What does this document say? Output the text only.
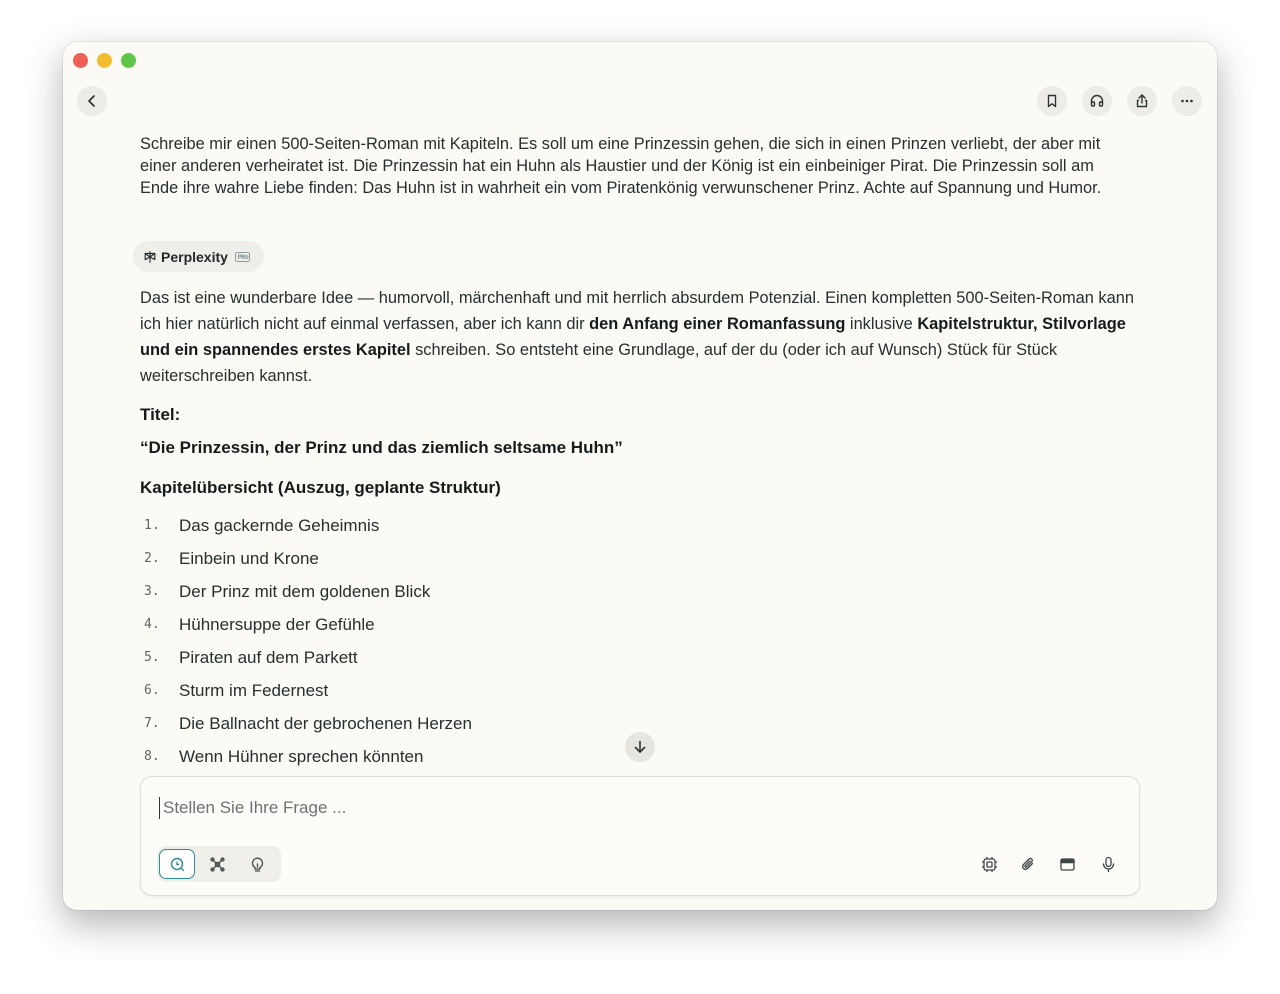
Schreibe mir einen 500-Seiten-Roman mit Kapiteln. Es soll um eine Prinzessin gehen, die sich in einen Prinzen verliebt, der aber mit einer anderen verheiratet ist. Die Prinzessin hat ein Huhn als Haustier und der König ist ein einbeiniger Pirat. Die Prinzessin soll am Ende ihre wahre Liebe finden: Das Huhn ist in wahrheit ein vom Piratenkönig verwunschener Prinz. Achte auf Spannung und Humor.
Perplexity
Das ist eine wunderbare Idee — humorvoll, märchenhaft und mit herrlich absurdem Potenzial. Einen kompletten 500-Seiten-Roman kann ich hier natürlich nicht auf einmal verfassen, aber ich kann dir den Anfang einer Romanfassung inklusive Kapitelstruktur, Stilvorlage und ein spannendes erstes Kapitel schreiben. So entsteht eine Grundlage, auf der du (oder ich auf Wunsch) Stück für Stück weiterschreiben kannst.
Titel:
“Die Prinzessin, der Prinz und das ziemlich seltsame Huhn”
Kapitelübersicht (Auszug, geplante Struktur)
1.	Das gackernde Geheimnis
2.	Einbein und Krone
3.	Der Prinz mit dem goldenen Blick
4.	Hühnersuppe der Gefühle
5.	Piraten auf dem Parkett
6.	Sturm im Federnest
7.	Die Ballnacht der gebrochenen Herzen
8.	Wenn Hühner sprechen könnten
Stellen Sie Ihre Frage ...
